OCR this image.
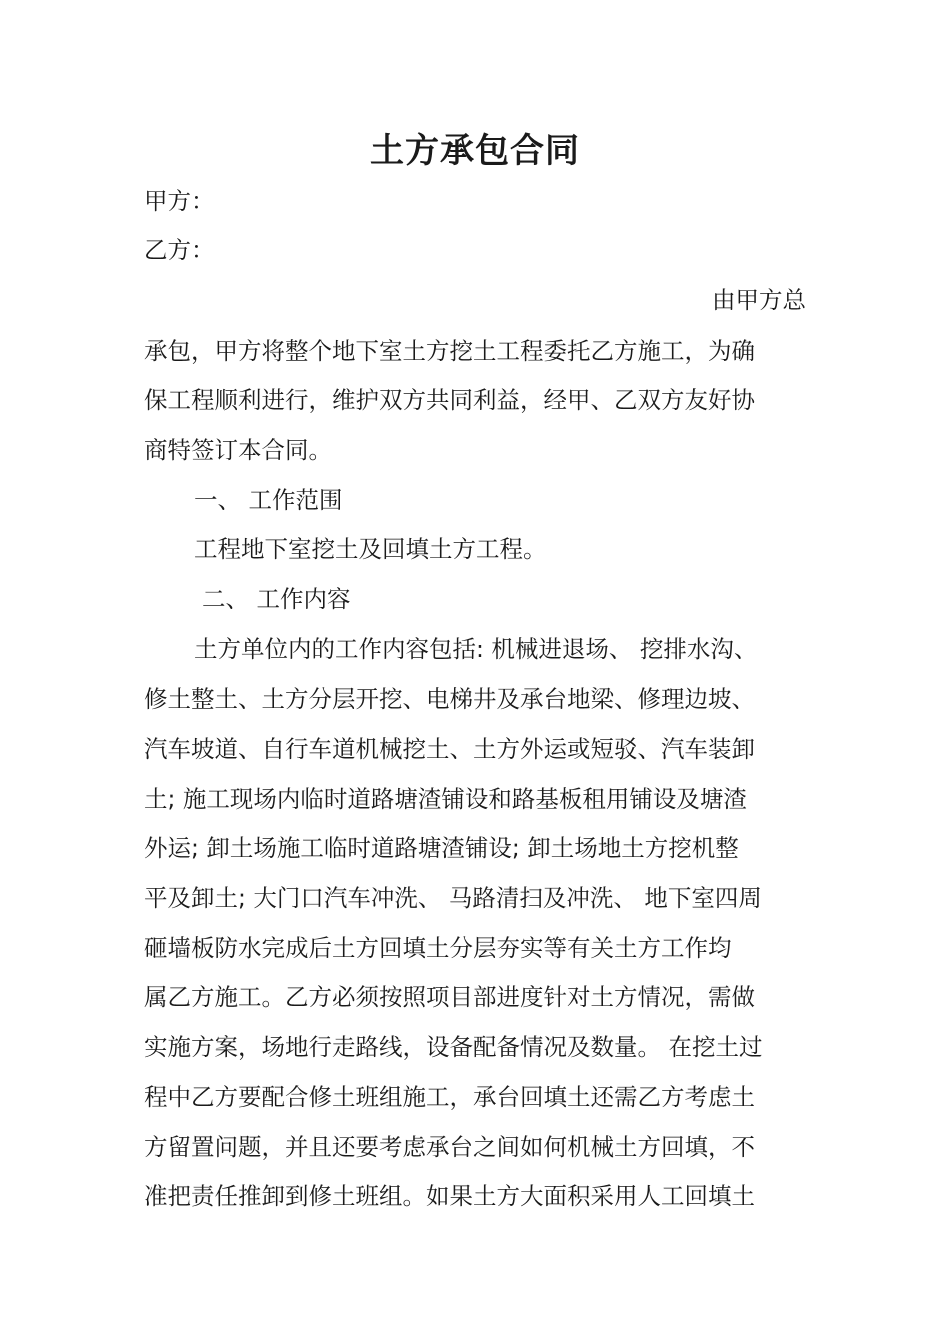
土方承包合同
甲方：
乙方：
由甲方总
承包，甲方将整个地下室土方挖土工程委托乙方施工，为确
保工程顺利进行，维护双方共同利益，经甲、乙双方友好协
商特签订本合同。
一、 工作范围
工程地下室挖土及回填土方工程。
二、 工作内容
土方单位内的工作内容包括: 机械进退场、 挖排水沟、
修土整土、土方分层开挖、电梯井及承台地梁、修理边坡、
汽车坡道、自行车道机械挖土、土方外运或短驳、汽车装卸
土; 施工现场内临时道路塘渣铺设和路基板租用铺设及塘渣
外运; 卸土场施工临时道路塘渣铺设; 卸土场地土方挖机整
平及卸土; 大门口汽车冲洗、 马路清扫及冲洗、 地下室四周
砸墙板防水完成后土方回填土分层夯实等有关土方工作均
属乙方施工。乙方必须按照项目部进度针对土方情况，需做
实施方案，场地行走路线，设备配备情况及数量。 在挖土过
程中乙方要配合修土班组施工，承台回填土还需乙方考虑土
方留置问题，并且还要考虑承台之间如何机械土方回填，不
准把责任推卸到修土班组。如果土方大面积采用人工回填土
